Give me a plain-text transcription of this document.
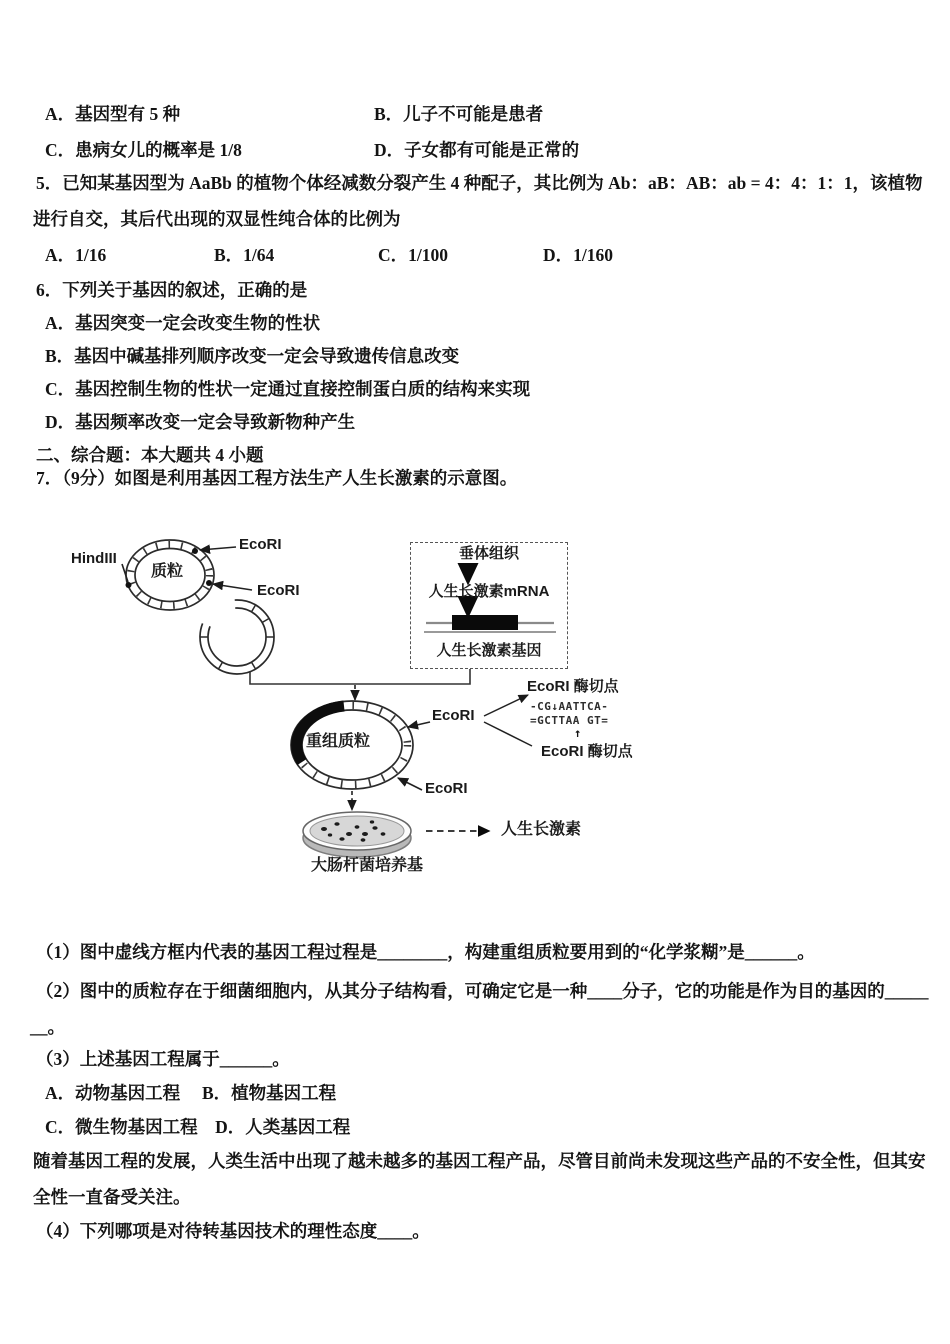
A．基因型有 5 种	B．儿子不可能是患者
C．患病女儿的概率是 1/8	D．子女都有可能是正常的
5．已知某基因型为 AaBb 的植物个体经减数分裂产生 4 种配子，其比例为 Ab：aB：AB：ab = 4：4：1：1，该植物
进行自交，其后代出现的双显性纯合体的比例为
A．1/16	B．1/64	C．1/100	D．1/160
6．下列关于基因的叙述，正确的是
A．基因突变一定会改变生物的性状
B．基因中碱基排列顺序改变一定会导致遗传信息改变
C．基因控制生物的性状一定通过直接控制蛋白质的结构来实现
D．基因频率改变一定会导致新物种产生
二、综合题：本大题共 4 小题
7．（9分）如图是利用基因工程方法生产人生长激素的示意图。
HindIII
EcoRI
质粒
EcoRI
垂体组织
人生长激素mRNA
人生长激素基因
EcoRI 酶切点
-CG↓AATTCA-
=GCTTAA GT=
↑
EcoRI 酶切点
EcoRI
重组质粒
EcoRI
大肠杆菌培养基
人生长激素
（1）图中虚线方框内代表的基因工程过程是________，构建重组质粒要用到的“化学浆糊”是______。
（2）图中的质粒存在于细菌细胞内，从其分子结构看，可确定它是一种____分子，它的功能是作为目的基因的_____
__。
（3）上述基因工程属于______。
A．动物基因工程　 B．植物基因工程
C．微生物基因工程　D．人类基因工程
随着基因工程的发展，人类生活中出现了越未越多的基因工程产品，尽管目前尚未发现这些产品的不安全性，但其安
全性一直备受关注。
（4）下列哪项是对待转基因技术的理性态度____。
